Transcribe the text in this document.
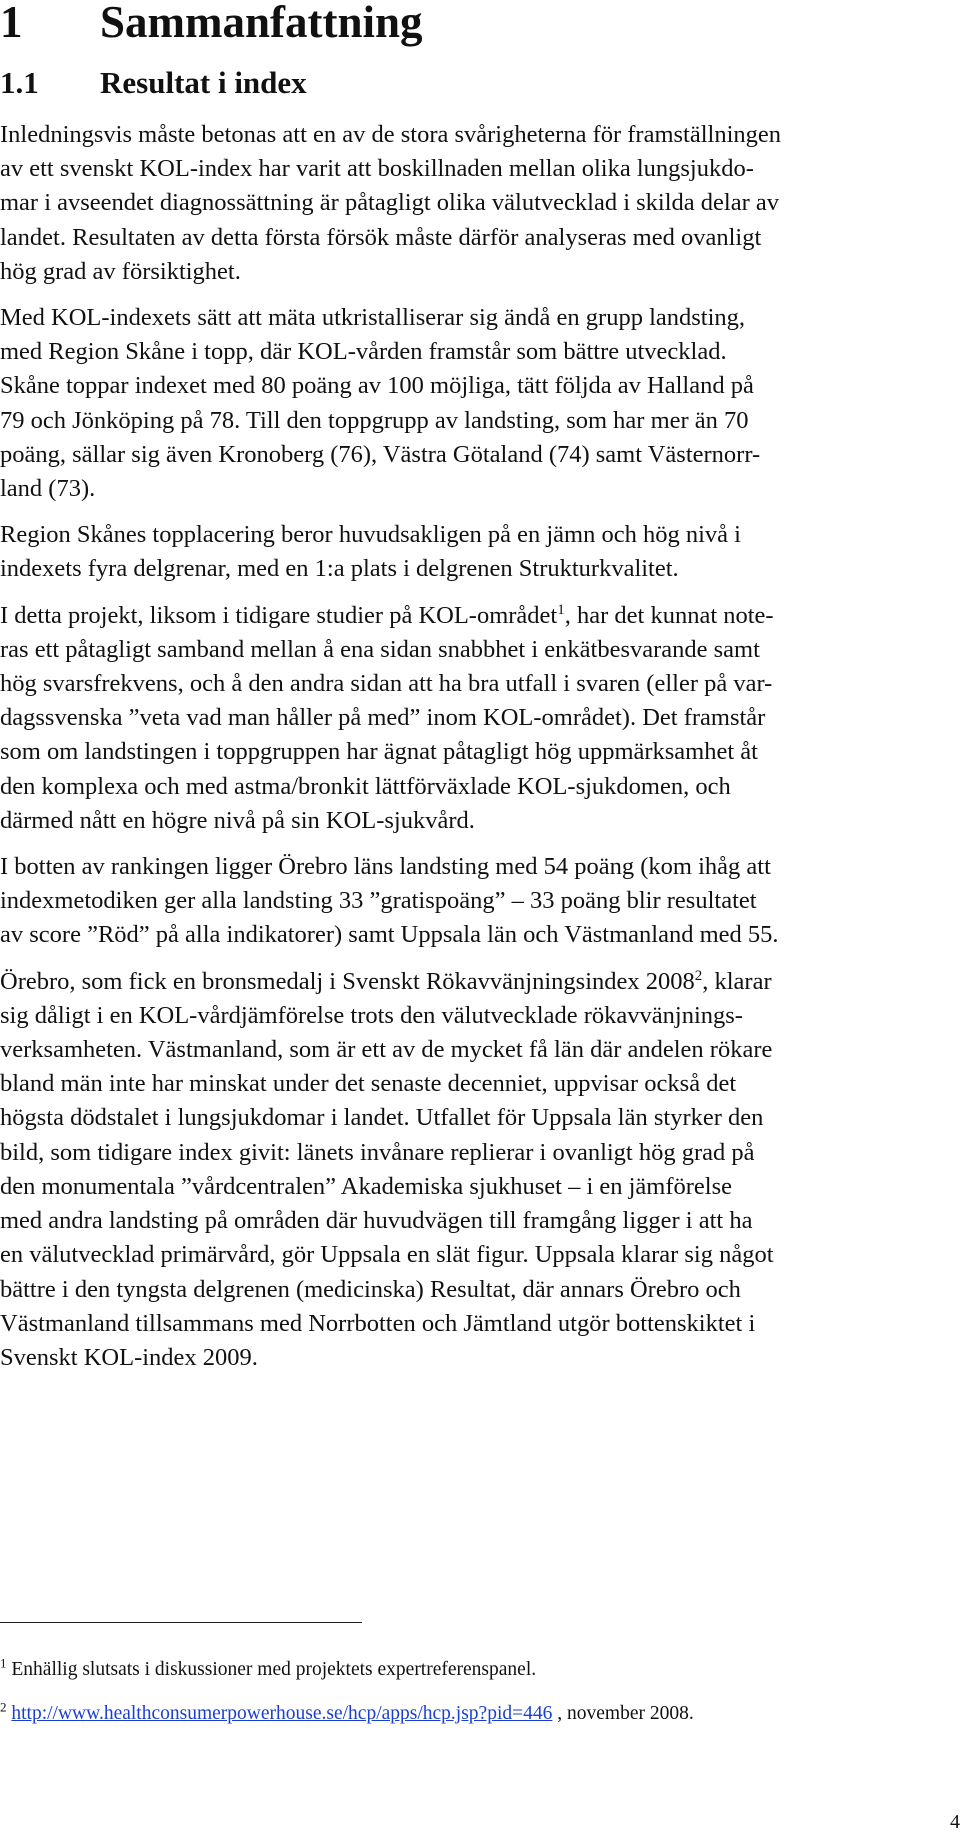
1 Sammanfattning
1.1 Resultat i index

Inledningsvis måste betonas att en av de stora svårigheterna för framställningen
av ett svenskt KOL-index har varit att boskillnaden mellan olika lungsjukdo-
mar i avseendet diagnossättning är påtagligt olika välutvecklad i skilda delar av
landet. Resultaten av detta första försök måste därför analyseras med ovanligt
hög grad av försiktighet.

Med KOL-indexets sätt att mäta utkristalliserar sig ändå en grupp landsting,
med Region Skåne i topp, där KOL-vården framstår som bättre utvecklad.
Skåne toppar indexet med 80 poäng av 100 möjliga, tätt följda av Halland på
79 och Jönköping på 78. Till den toppgrupp av landsting, som har mer än 70
poäng, sällar sig även Kronoberg (76), Västra Götaland (74) samt Västernorr-
land (73).

Region Skånes topplacering beror huvudsakligen på en jämn och hög nivå i
indexets fyra delgrenar, med en 1:a plats i delgrenen Strukturkvalitet.

I detta projekt, liksom i tidigare studier på KOL-området$^1$, har det kunnat note-
ras ett påtagligt samband mellan å ena sidan snabbhet i enkätbesvarande samt
hög svarsfrekvens, och å den andra sidan att ha bra utfall i svaren (eller på var-
dagssvenska ”veta vad man håller på med” inom KOL-området). Det framstår
som om landstingen i toppgruppen har ägnat påtagligt hög uppmärksamhet åt
den komplexa och med astma/bronkit lättförväxlade KOL-sjukdomen, och
därmed nått en högre nivå på sin KOL-sjukvård.

I botten av rankingen ligger Örebro läns landsting med 54 poäng (kom ihåg att
indexmetodiken ger alla landsting 33 ”gratispoäng” – 33 poäng blir resultatet
av score ”Röd” på alla indikatorer) samt Uppsala län och Västmanland med 55.

Örebro, som fick en bronsmedalj i Svenskt Rökavvänjningsindex 2008$^2$, klarar
sig dåligt i en KOL-vårdjämförelse trots den välutvecklade rökavvänjnings-
verksamheten. Västmanland, som är ett av de mycket få län där andelen rökare
bland män inte har minskat under det senaste decenniet, uppvisar också det
högsta dödstalet i lungsjukdomar i landet. Utfallet för Uppsala län styrker den
bild, som tidigare index givit: länets invånare replierar i ovanligt hög grad på
den monumentala ”vårdcentralen” Akademiska sjukhuset – i en jämförelse
med andra landsting på områden där huvudvägen till framgång ligger i att ha
en välutvecklad primärvård, gör Uppsala en slät figur. Uppsala klarar sig något
bättre i den tyngsta delgrenen (medicinska) Resultat, där annars Örebro och
Västmanland tillsammans med Norrbotten och Jämtland utgör bottenskiktet i
Svenskt KOL-index 2009.

$^1$ Enhällig slutsats i diskussioner med projektets expertreferenspanel.

$^2$ http://www.healthconsumerpowerhouse.se/hcp/apps/hcp.jsp?pid=446 , november 2008.

4
